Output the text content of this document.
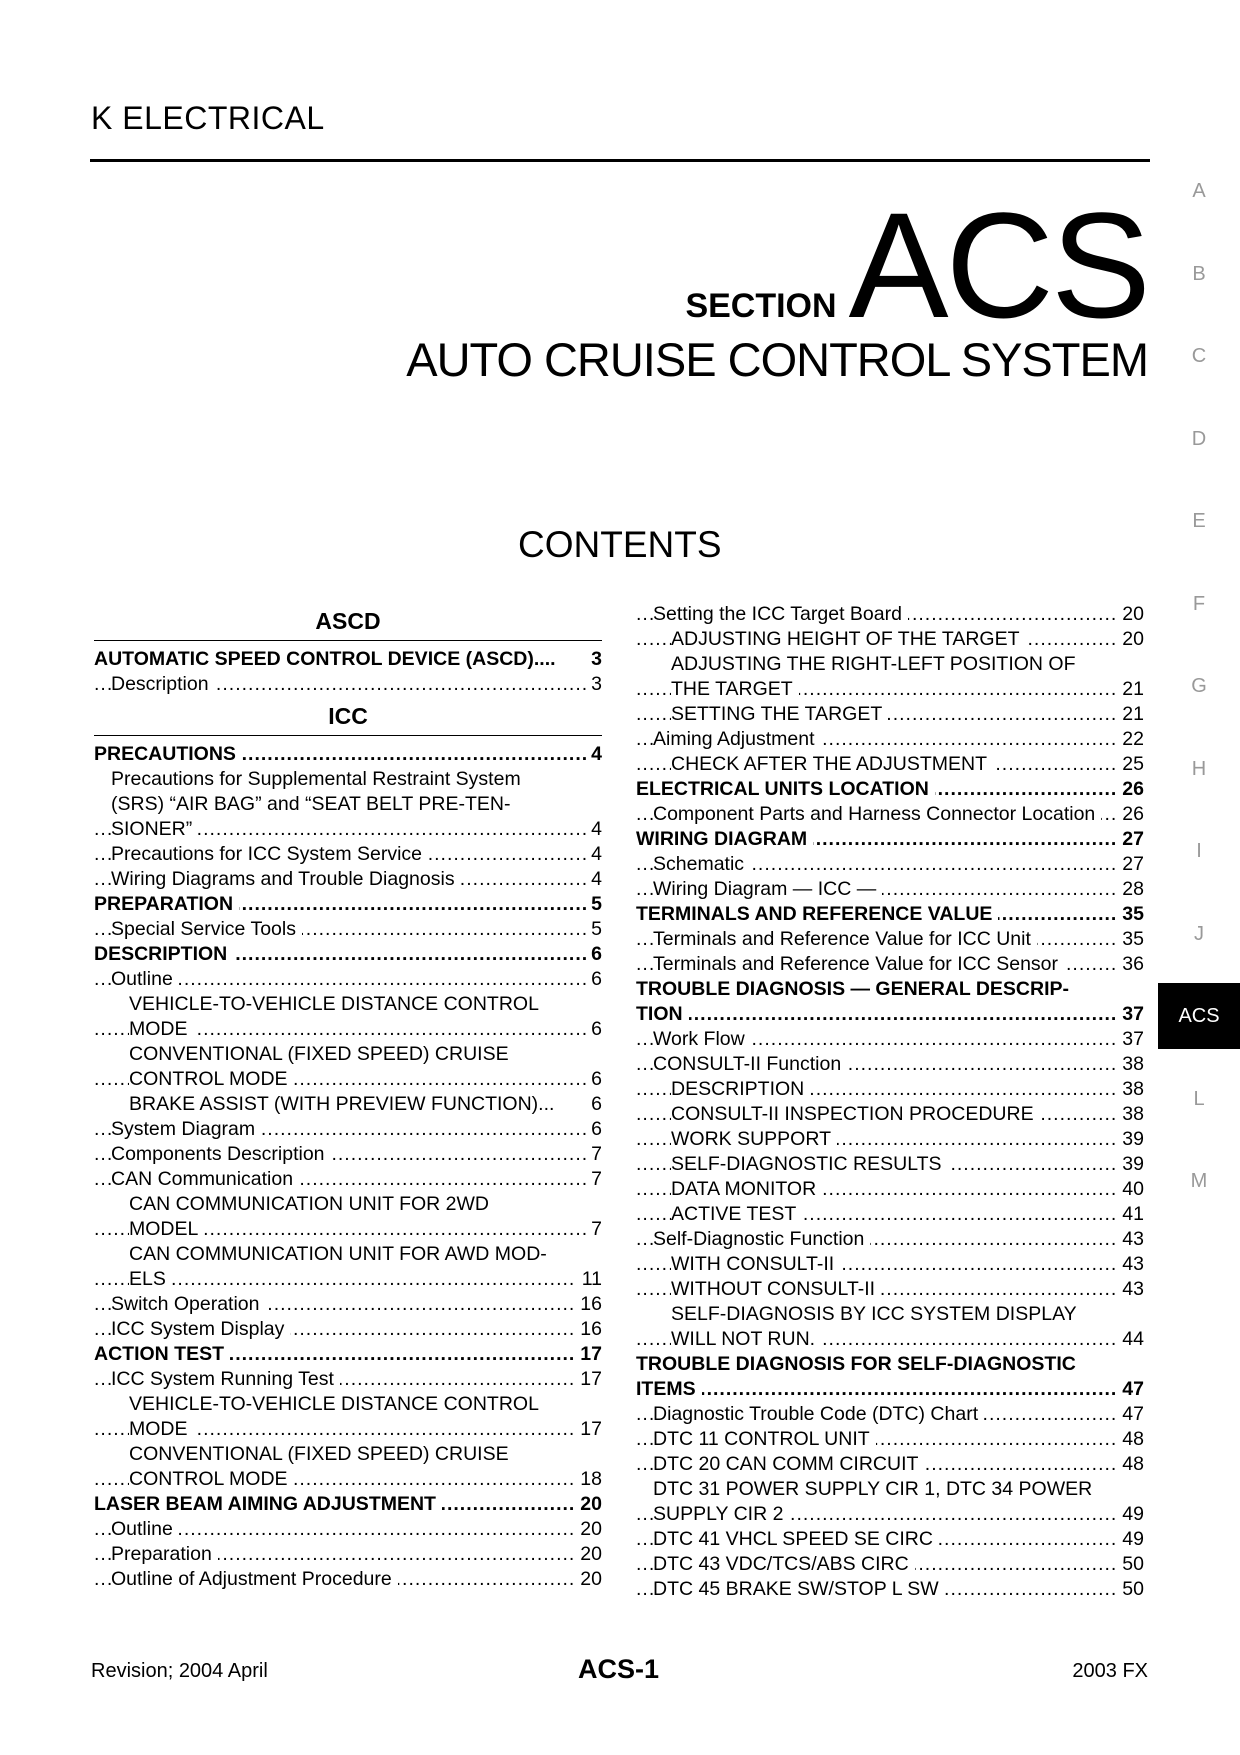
K ELECTRICAL
SECTIONACS
AUTO CRUISE CONTROL SYSTEM
CONTENTS
ASCD
AUTOMATIC SPEED CONTROL DEVICE (ASCD).... 3
..... Description	3
ICC
..... PRECAUTIONS	4
Precautions for Supplemental Restraint System
(SRS) “AIR BAG” and “SEAT BELT PRE-TEN-
..... SIONER”	4
..... Precautions for ICC System Service	4
..... Wiring Diagrams and Trouble Diagnosis	4
..... PREPARATION	5
..... Special Service Tools	5
..... DESCRIPTION	6
..... Outline	6
VEHICLE-TO-VEHICLE DISTANCE CONTROL
..... MODE	6
CONVENTIONAL (FIXED SPEED) CRUISE
..... CONTROL MODE	6
BRAKE ASSIST (WITH PREVIEW FUNCTION)... 6
..... System Diagram	6
..... Components Description	7
..... CAN Communication	7
CAN COMMUNICATION UNIT FOR 2WD
..... MODEL	7
CAN COMMUNICATION UNIT FOR AWD MOD-
..... ELS	11
..... Switch Operation	16
..... ICC System Display	16
..... ACTION TEST	17
..... ICC System Running Test	17
VEHICLE-TO-VEHICLE DISTANCE CONTROL
..... MODE	17
CONVENTIONAL (FIXED SPEED) CRUISE
..... CONTROL MODE	18
..... LASER BEAM AIMING ADJUSTMENT	20
..... Outline	20
..... Preparation	20
..... Outline of Adjustment Procedure	20
..... Setting the ICC Target Board	20
..... ADJUSTING HEIGHT OF THE TARGET	20
ADJUSTING THE RIGHT-LEFT POSITION OF
..... THE TARGET	21
..... SETTING THE TARGET	21
..... Aiming Adjustment	22
..... CHECK AFTER THE ADJUSTMENT	25
..... ELECTRICAL UNITS LOCATION	26
..... Component Parts and Harness Connector Location 26
..... WIRING DIAGRAM	27
..... Schematic	27
..... Wiring Diagram — ICC —	28
..... TERMINALS AND REFERENCE VALUE	35
..... Terminals and Reference Value for ICC Unit	35
..... Terminals and Reference Value for ICC Sensor	36
TROUBLE DIAGNOSIS — GENERAL DESCRIP-
..... TION	37
..... Work Flow	37
..... CONSULT-II Function	38
..... DESCRIPTION	38
..... CONSULT-II INSPECTION PROCEDURE	38
..... WORK SUPPORT	39
..... SELF-DIAGNOSTIC RESULTS	39
..... DATA MONITOR	40
..... ACTIVE TEST	41
..... Self-Diagnostic Function	43
..... WITH CONSULT-II	43
..... WITHOUT CONSULT-II	43
SELF-DIAGNOSIS BY ICC SYSTEM DISPLAY
..... WILL NOT RUN.	44
TROUBLE DIAGNOSIS FOR SELF-DIAGNOSTIC
..... ITEMS	47
..... Diagnostic Trouble Code (DTC) Chart	47
..... DTC 11 CONTROL UNIT	48
..... DTC 20 CAN COMM CIRCUIT	48
DTC 31 POWER SUPPLY CIR 1, DTC 34 POWER
..... SUPPLY CIR 2	49
..... DTC 41 VHCL SPEED SE CIRC	49
..... DTC 43 VDC/TCS/ABS CIRC	50
..... DTC 45 BRAKE SW/STOP L SW	50
A
B
C
D
E
F
G
H
I
J
ACS
L
M
Revision; 2004 April	ACS-1	2003 FX
